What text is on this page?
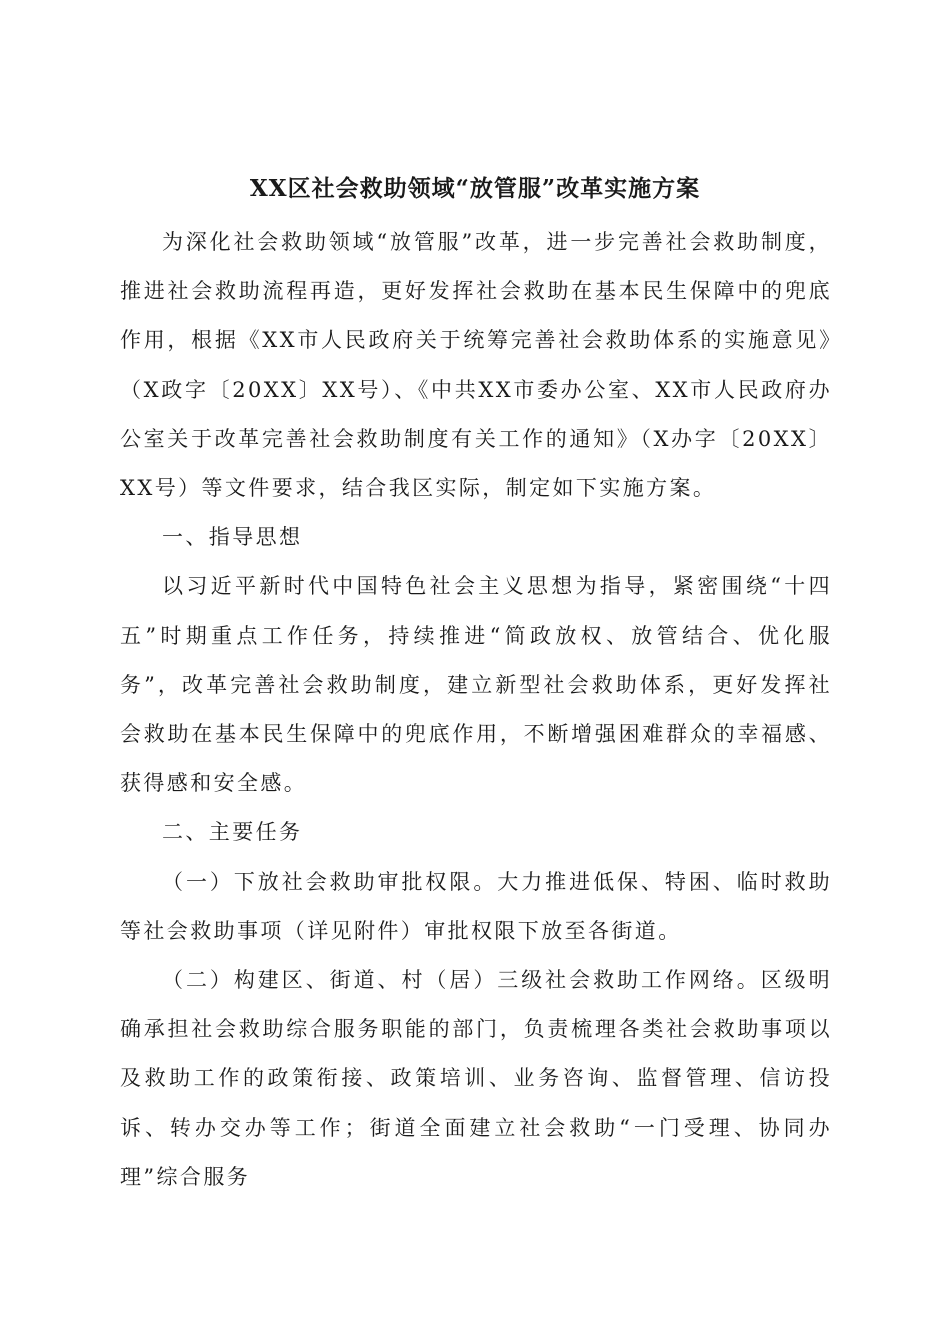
XX区社会救助领域“放管服”改革实施方案

为深化社会救助领域“放管服”改革，进一步完善社会救助制度，推进社会救助流程再造，更好发挥社会救助在基本民生保障中的兜底作用，根据《XX市人民政府关于统筹完善社会救助体系的实施意见》（X政字〔20XX〕XX号）、《中共XX市委办公室、XX市人民政府办公室关于改革完善社会救助制度有关工作的通知》（X办字〔20XX〕XX号）等文件要求，结合我区实际，制定如下实施方案。

一、指导思想

以习近平新时代中国特色社会主义思想为指导，紧密围绕“十四五”时期重点工作任务，持续推进“简政放权、放管结合、优化服务”，改革完善社会救助制度，建立新型社会救助体系，更好发挥社会救助在基本民生保障中的兜底作用，不断增强困难群众的幸福感、获得感和安全感。

二、主要任务

（一）下放社会救助审批权限。大力推进低保、特困、临时救助等社会救助事项（详见附件）审批权限下放至各街道。

（二）构建区、街道、村（居）三级社会救助工作网络。区级明确承担社会救助综合服务职能的部门，负责梳理各类社会救助事项以及救助工作的政策衔接、政策培训、业务咨询、监督管理、信访投诉、转办交办等工作；街道全面建立社会救助“一门受理、协同办理”综合服务
